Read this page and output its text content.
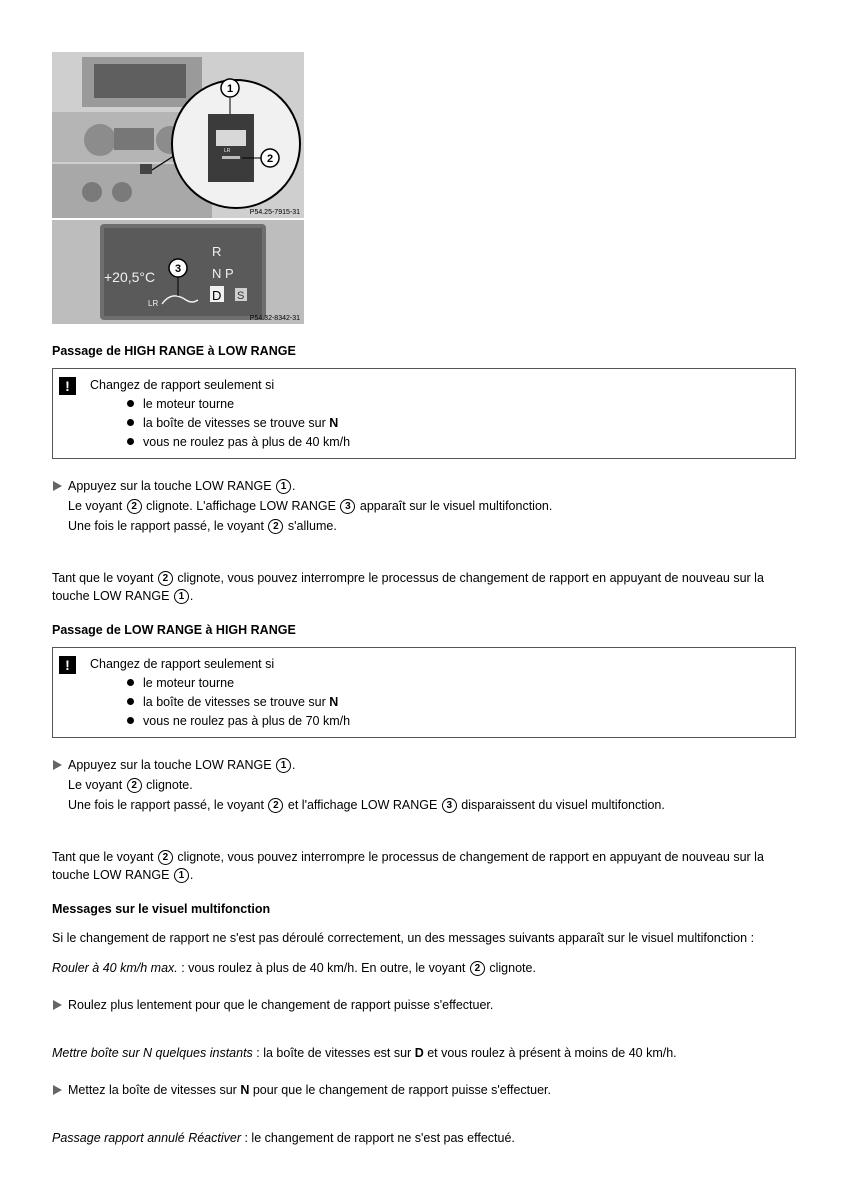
LR
1
2
P54.25-7915-31
+20,5°C
LR
R
N P
D S
3
P54.32-8342-31
Passage de HIGH RANGE à LOW RANGE
!	Changez de rapport seulement si
le moteur tourne
la boîte de vitesses se trouve sur N
vous ne roulez pas à plus de 40 km/h
Appuyez sur la touche LOW RANGE 1 .
Le voyant 2 clignote. L'affichage LOW RANGE 3 apparaît sur le visuel multifonction.
Une fois le rapport passé, le voyant 2 s'allume.
Tant que le voyant 2 clignote, vous pouvez interrompre le processus de changement de rapport en appuyant de nouveau sur la touche LOW RANGE 1 .
Passage de LOW RANGE à HIGH RANGE
!	Changez de rapport seulement si
le moteur tourne
la boîte de vitesses se trouve sur N
vous ne roulez pas à plus de 70 km/h
Appuyez sur la touche LOW RANGE 1 .
Le voyant 2 clignote.
Une fois le rapport passé, le voyant 2 et l'affichage LOW RANGE 3 disparaissent du visuel multifonction.
Tant que le voyant 2 clignote, vous pouvez interrompre le processus de changement de rapport en appuyant de nouveau sur la touche LOW RANGE 1 .
Messages sur le visuel multifonction
Si le changement de rapport ne s'est pas déroulé correctement, un des messages suivants apparaît sur le visuel multifonction :
Rouler à 40 km/h max. : vous roulez à plus de 40 km/h. En outre, le voyant 2 clignote.
Roulez plus lentement pour que le changement de rapport puisse s'effectuer.
Mettre boîte sur N quelques instants : la boîte de vitesses est sur D et vous roulez à présent à moins de 40 km/h.
Mettez la boîte de vitesses sur N pour que le changement de rapport puisse s'effectuer.
Passage rapport annulé Réactiver : le changement de rapport ne s'est pas effectué.
